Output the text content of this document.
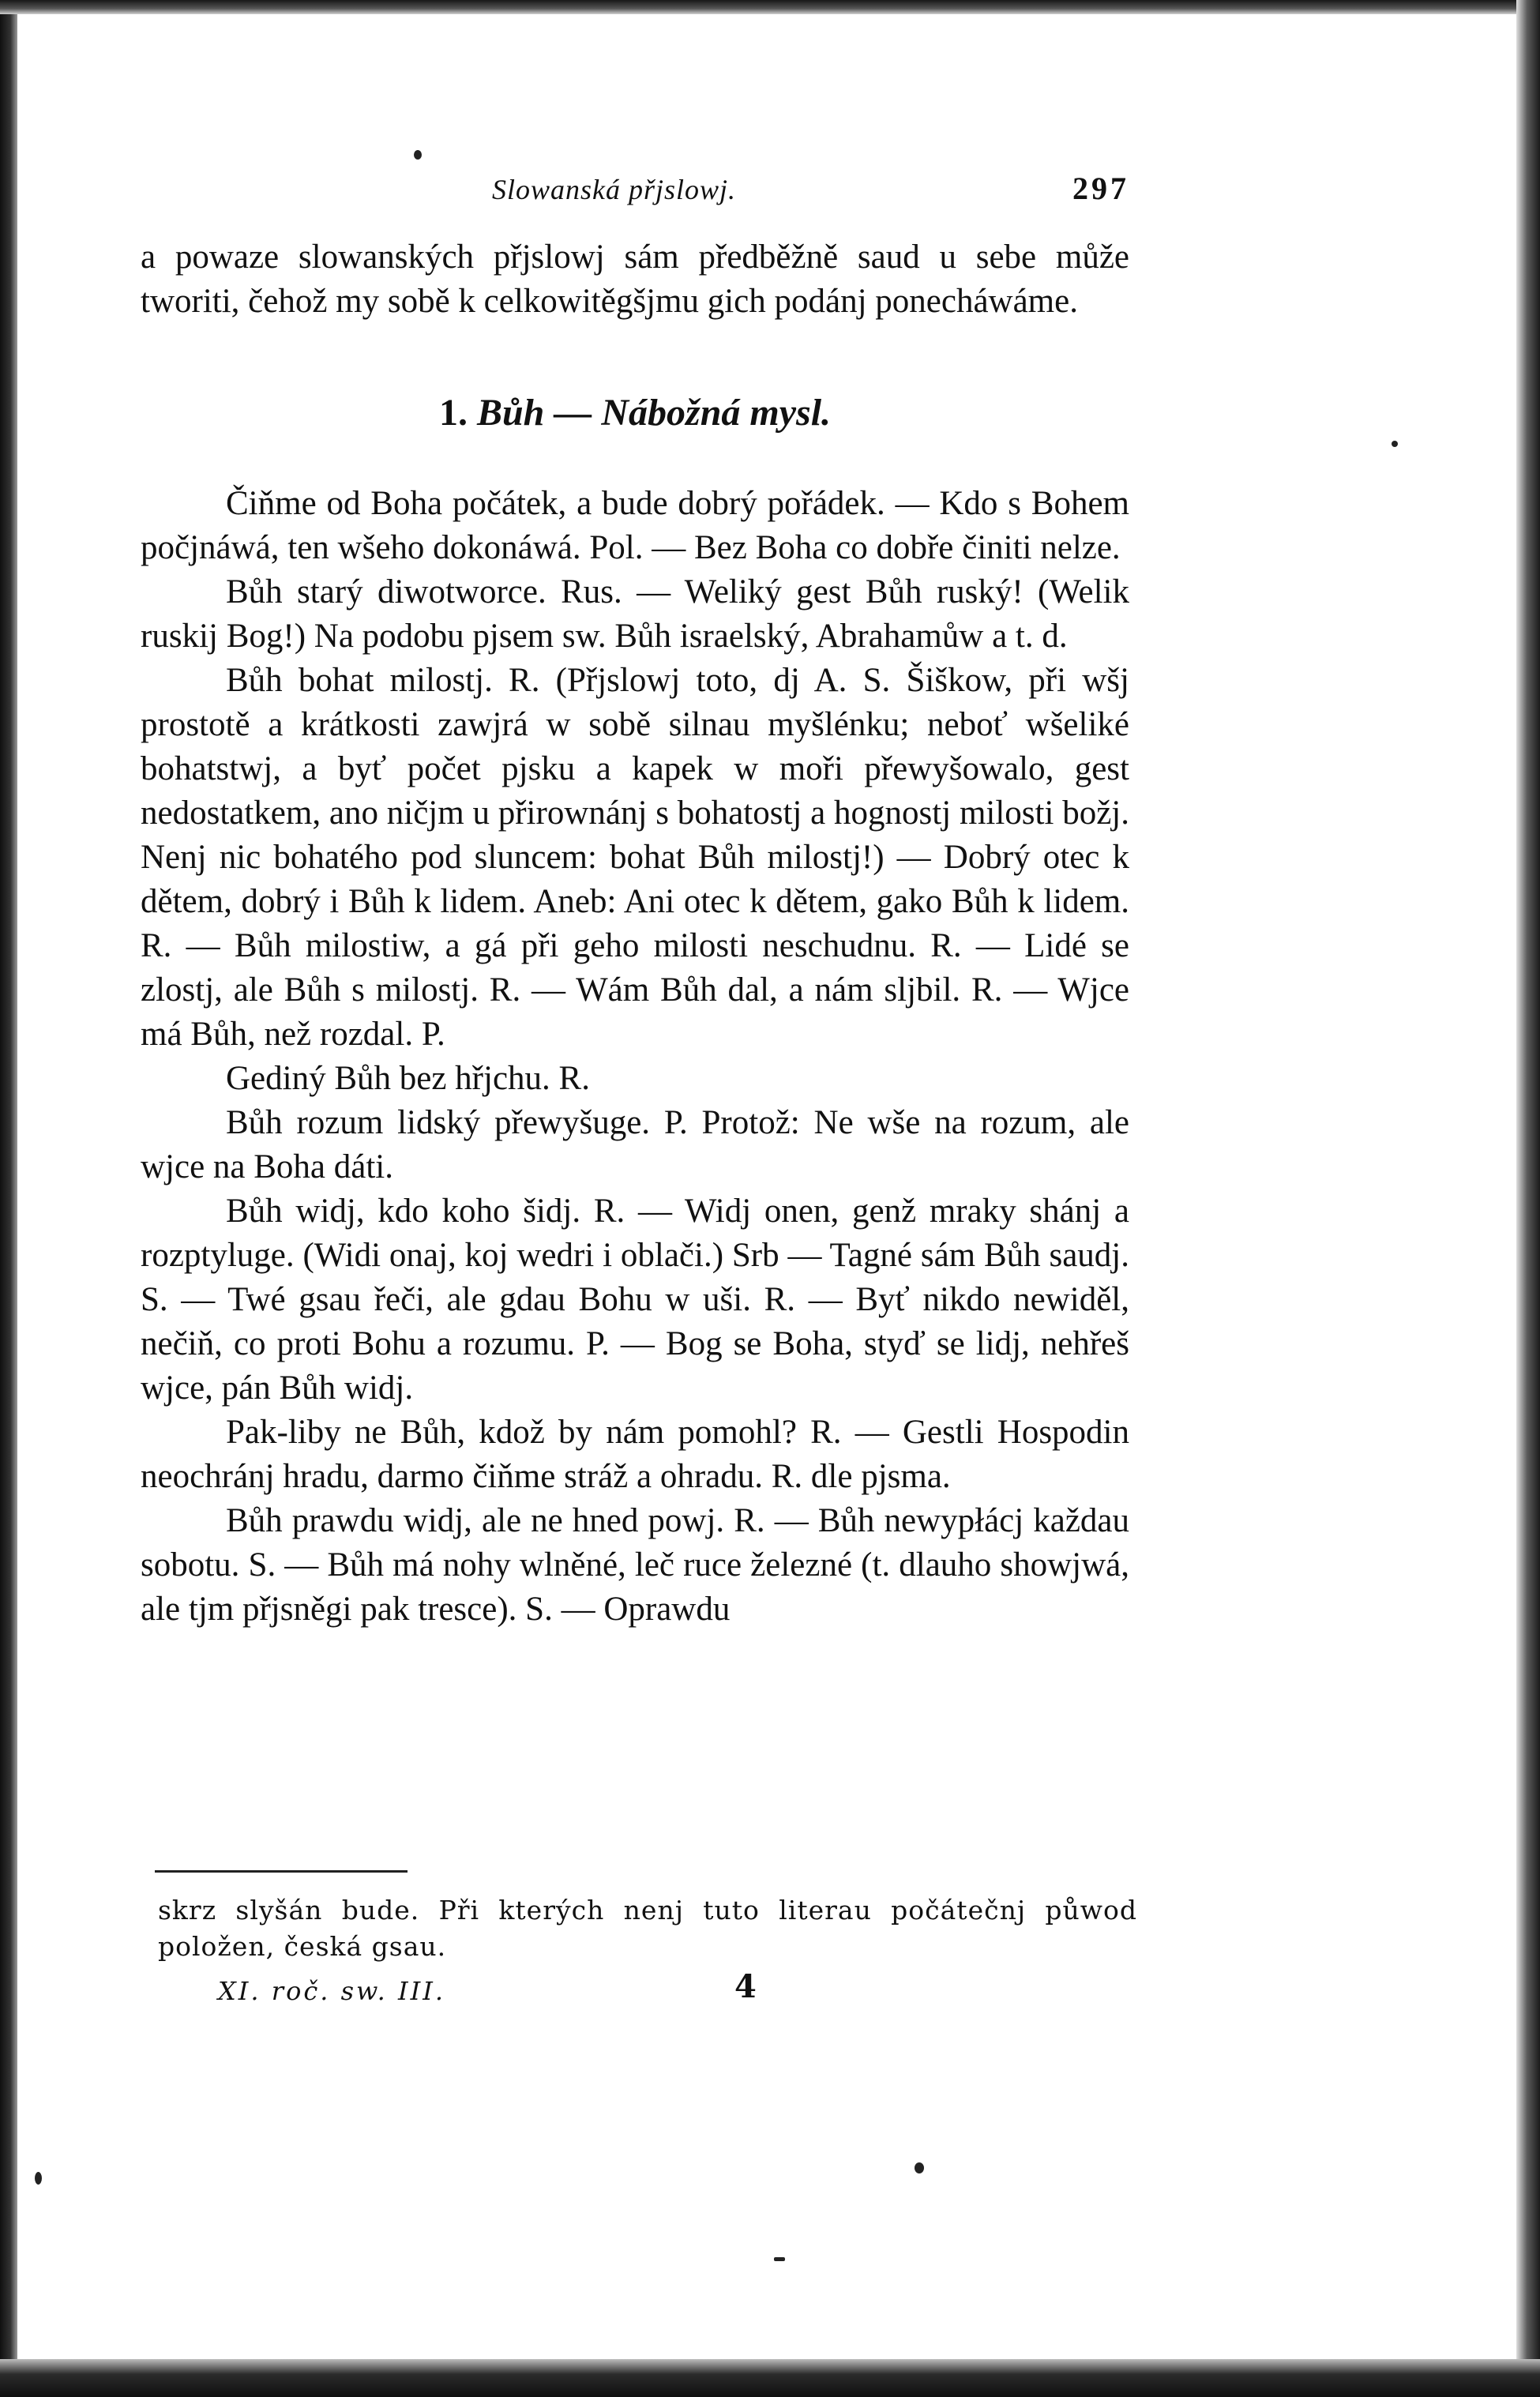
Slowanská přjslowj.	297

a powaze slowanských přjslowj sám předběžně saud u sebe může tworiti, čehož my sobě k celkowitěgšjmu gich podánj ponecháwáme.

1. Bůh — Nábožná mysl.

Čiňme od Boha počátek, a bude dobrý pořádek. — Kdo s Bohem počjnáwá, ten wšeho dokonáwá. Pol. — Bez Boha co dobře činiti nelze.

Bůh starý diwotworce. Rus. — Weliký gest Bůh ruský! (Welik ruskij Bog!) Na podobu pjsem sw. Bůh israelský, Abrahamůw a t. d.

Bůh bohat milostj. R. (Přjslowj toto, dj A. S. Šiškow, při wšj prostotě a krátkosti zawjrá w sobě silnau myšlénku; neboť wšeliké bohatstwj, a byť počet pjsku a kapek w moři přewyšowalo, gest nedostatkem, ano ničjm u přirownánj s bohatostj a hognostj milosti božj. Nenj nic bohatého pod sluncem: bohat Bůh milostj!) — Dobrý otec k dětem, dobrý i Bůh k lidem. Aneb: Ani otec k dětem, gako Bůh k lidem. R. — Bůh milostiw, a gá při geho milosti neschudnu. R. — Lidé se zlostj, ale Bůh s milostj. R. — Wám Bůh dal, a nám sljbil. R. — Wjce má Bůh, než rozdal. P.

Gediný Bůh bez hřjchu. R.

Bůh rozum lidský přewyšuge. P. Protož: Ne wše na rozum, ale wjce na Boha dáti.

Bůh widj, kdo koho šidj. R. — Widj onen, genž mraky shánj a rozptyluge. (Widi onaj, koj wedri i oblači.) Srb — Tagné sám Bůh saudj. S. — Twé gsau řeči, ale gdau Bohu w uši. R. — Byť nikdo newiděl, nečiň, co proti Bohu a rozumu. P. — Bog se Boha, styď se lidj, nehřeš wjce, pán Bůh widj.

Pak-liby ne Bůh, kdož by nám pomohl? R. — Gestli Hospodin neochránj hradu, darmo čiňme stráž a ohradu. R. dle pjsma.

Bůh prawdu widj, ale ne hned powj. R. — Bůh newypłácj každau sobotu. S. — Bůh má nohy wlněné, leč ruce železné (t. dlauho showjwá, ale tjm přjsněgi pak tresce). S. — Oprawdu

skrz slyšán bude. Při kterých nenj tuto literau počátečnj půwod položen, česká gsau.
XI. roč. sw. III.	4
